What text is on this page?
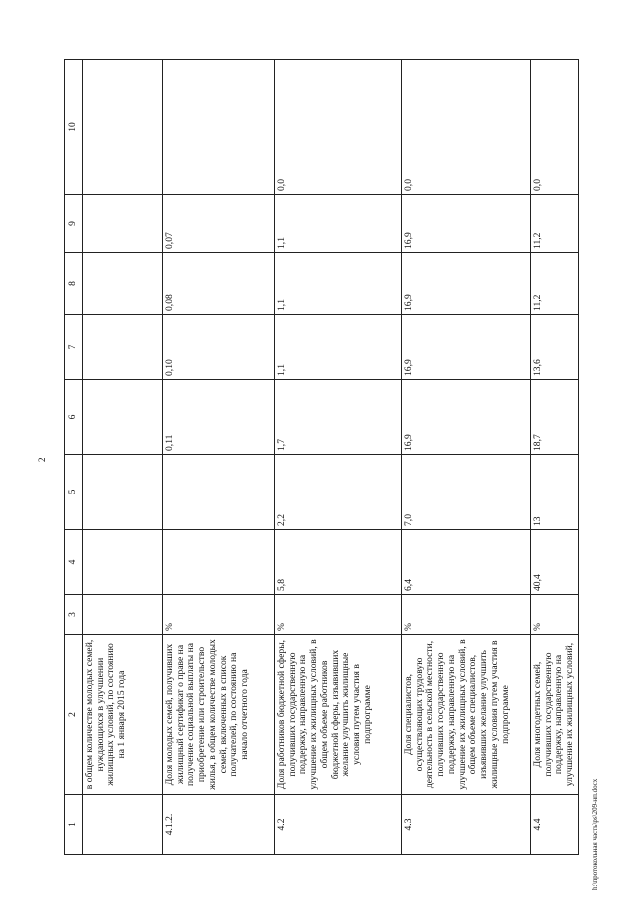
2
1	2	3	4	5	6	7	8	9	10
	в общем количестве молодых семей, нуждающихся в улучшении жилищных условий, по состоянию на 1 января 2015 года								
4.1.2.	Доля молодых семей, получивших жилищный сертификат о праве на получение социальной выплаты на приобретение или строительство жилья, в общем количестве молодых семей, включенных в список получателей, по состоянию на начало отчетного года	%			0,11	0,10	0,08	0,07	
4.2	Доля работников бюджетной сферы, получивших государственную поддержку, направленную на улучшение их жилищных условий, в общем объеме работников бюджетной сферы, изъявивших желание улучшить жилищные условия путем участия в подпрограмме	%	5,8	2,2	1,7	1,1	1,1	1,1	0,0
4.3	Доля специалистов, осуществляющих трудовую деятельность в сельской местности, получивших государственную поддержку, направленную на улучшение их жилищных условий, в общем объеме специалистов, изъявивших желание улучшить жилищные условия путем участия в подпрограмме	%	6,4	7,0	16,9	16,9	16,9	16,9	0,0
4.4	Доля многодетных семей, получивших государственную поддержку, направленную на улучшение их жилищных условий,	%	40,4	13	18,7	13,6	11,2	11,2	0,0
h:\протокольная часть\ps\209-нп.docx
